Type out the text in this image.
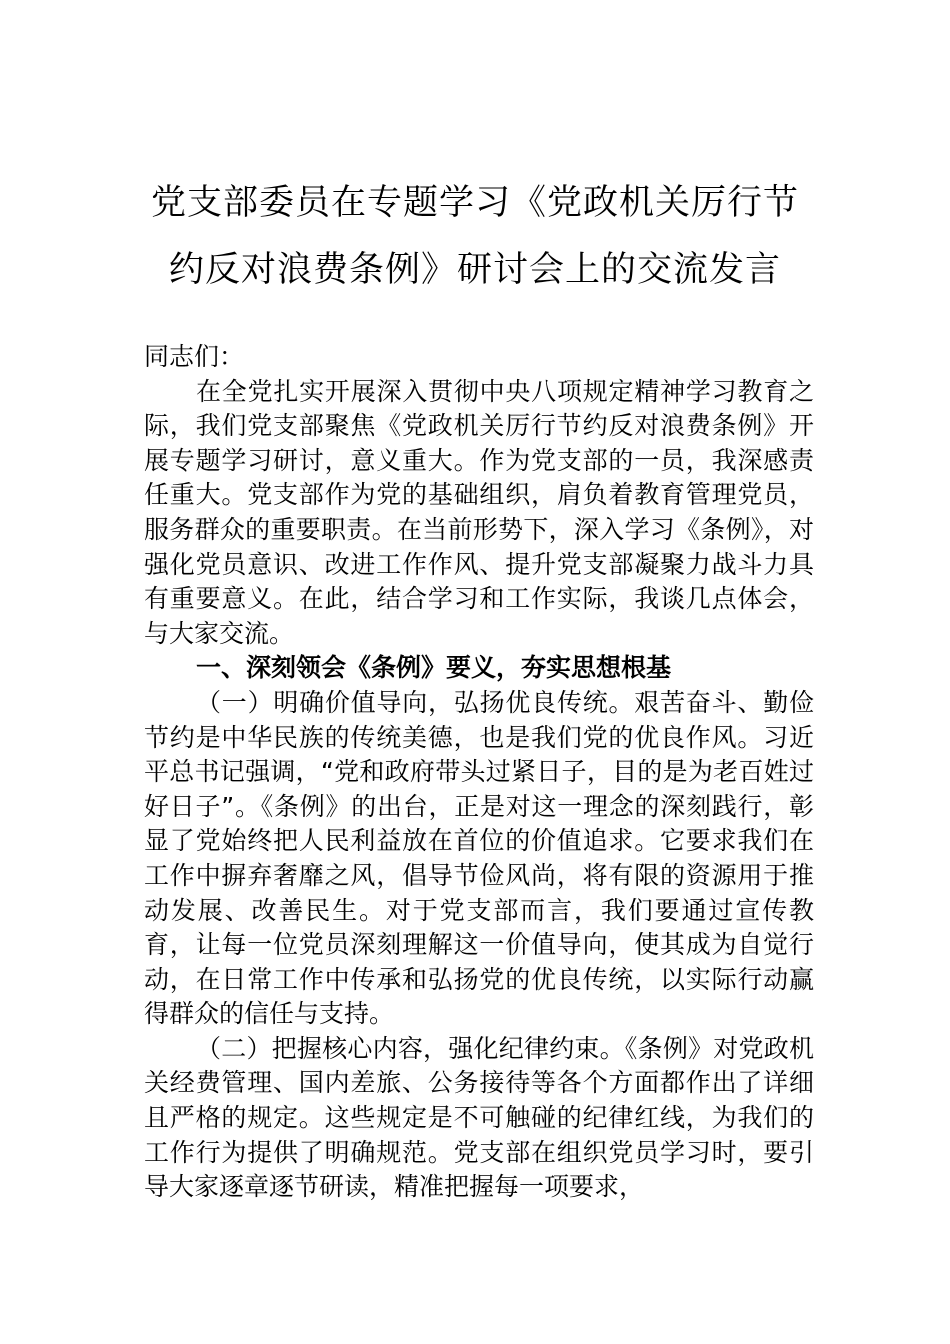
党支部委员在专题学习《党政机关厉行节
约反对浪费条例》研讨会上的交流发言

同志们：

在全党扎实开展深入贯彻中央八项规定精神学习教育之际，我们党支部聚焦《党政机关厉行节约反对浪费条例》开展专题学习研讨，意义重大。作为党支部的一员，我深感责任重大。党支部作为党的基础组织，肩负着教育管理党员，服务群众的重要职责。在当前形势下，深入学习《条例》，对强化党员意识、改进工作作风、提升党支部凝聚力战斗力具有重要意义。在此，结合学习和工作实际，我谈几点体会，与大家交流。

一、深刻领会《条例》要义，夯实思想根基

（一）明确价值导向，弘扬优良传统。艰苦奋斗、勤俭节约是中华民族的传统美德，也是我们党的优良作风。习近平总书记强调，“党和政府带头过紧日子，目的是为老百姓过好日子”。《条例》的出台，正是对这一理念的深刻践行，彰显了党始终把人民利益放在首位的价值追求。它要求我们在工作中摒弃奢靡之风，倡导节俭风尚，将有限的资源用于推动发展、改善民生。对于党支部而言，我们要通过宣传教育，让每一位党员深刻理解这一价值导向，使其成为自觉行动，在日常工作中传承和弘扬党的优良传统，以实际行动赢得群众的信任与支持。

（二）把握核心内容，强化纪律约束。《条例》对党政机关经费管理、国内差旅、公务接待等各个方面都作出了详细且严格的规定。这些规定是不可触碰的纪律红线，为我们的工作行为提供了明确规范。党支部在组织党员学习时，要引导大家逐章逐节研读，精准把握每一项要求，
